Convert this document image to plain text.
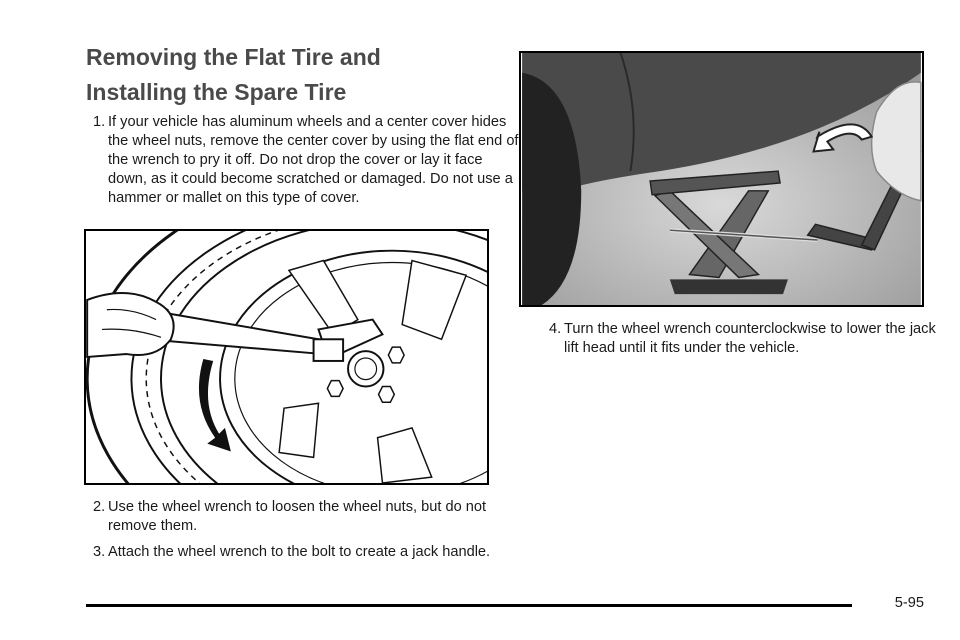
Removing the Flat Tire and
Installing the Spare Tire

1. If your vehicle has aluminum wheels and a center cover hides the wheel nuts, remove the center cover by using the flat end of the wrench to pry it off. Do not drop the cover or lay it face down, as it could become scratched or damaged. Do not use a hammer or mallet on this type of cover.

2. Use the wheel wrench to loosen the wheel nuts, but do not remove them.

3. Attach the wheel wrench to the bolt to create a jack handle.

4. Turn the wheel wrench counterclockwise to lower the jack lift head until it fits under the vehicle.

5-95
